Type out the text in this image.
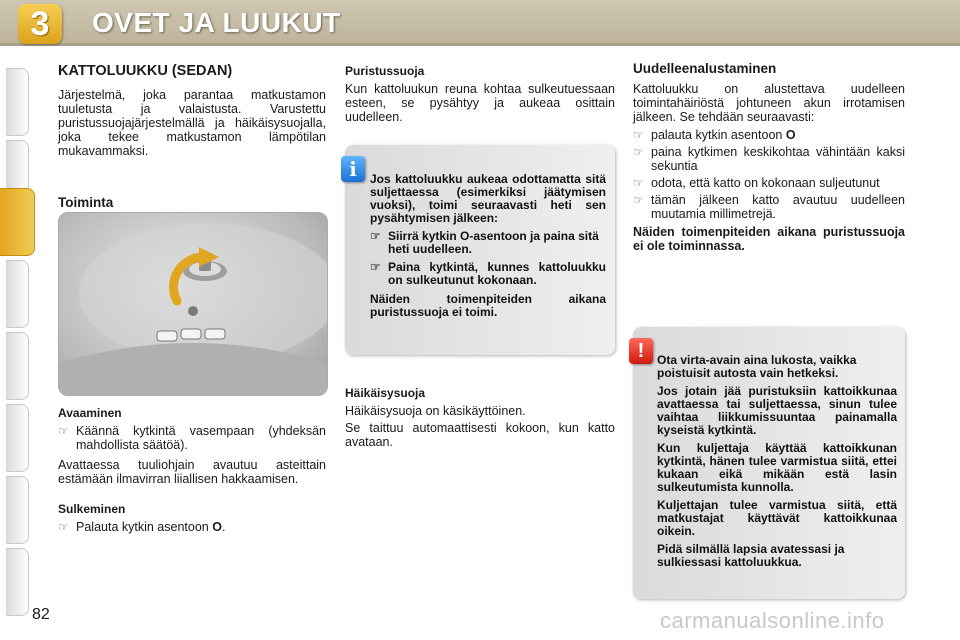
3	OVET JA LUUKUT
KATTOLUUKKU (SEDAN)

Järjestelmä, joka parantaa matkustamon tuuletusta ja valaistusta. Varustettu puristussuojajärjestelmällä ja häikäisysuojalla, joka tekee matkustamon lämpötilan mukavammaksi.

Toiminta
Avaaminen
☞ Käännä kytkintä vasempaan (yhdeksän mahdollista säätöä).

Avattaessa tuuliohjain avautuu asteittain estämään ilmavirran liiallisen hakkaamisen.

Sulkeminen
☞ Palauta kytkin asentoon O.
Puristussuoja

Kun kattoluukun reuna kohtaa sulkeutuessaan esteen, se pysähtyy ja aukeaa osittain uudelleen.

i	Jos kattoluukku aukeaa odottamatta sitä suljettaessa (esimerkiksi jäätymisen vuoksi), toimi seuraavasti heti sen pysähtymisen jälkeen:

☞ Siirrä kytkin O-asentoon ja paina sitä heti uudelleen.
☞ Paina kytkintä, kunnes kattoluukku on sulkeutunut kokonaan.

Näiden toimenpiteiden aikana puristussuoja ei toimi.

Häikäisysuoja

Häikäisysuoja on käsikäyttöinen.

Se taittuu automaattisesti kokoon, kun katto avataan.

Uudelleenalustaminen

Kattoluukku on alustettava uudelleen toimintahäiriöstä johtuneen akun irrotamisen jälkeen. Se tehdään seuraavasti:

☞ palauta kytkin asentoon O
☞ paina kytkimen keskikohtaa vähintään kaksi sekuntia
☞ odota, että katto on kokonaan suljeutunut
☞ tämän jälkeen katto avautuu uudelleen muutamia millimetrejä.

Näiden toimenpiteiden aikana puristussuoja ei ole toiminnassa.

!	Ota virta-avain aina lukosta, vaikka poistuisit autosta vain hetkeksi.

Jos jotain jää puristuksiin kattoikkunaa avattaessa tai suljettaessa, sinun tulee vaihtaa liikkumissuuntaa painamalla kyseistä kytkintä.

Kun kuljettaja käyttää kattoikkunan kytkintä, hänen tulee varmistua siitä, ettei kukaan eikä mikään estä lasin sulkeutumista kunnolla.

Kuljettajan tulee varmistua siitä, että matkustajat käyttävät kattoikkunaa oikein.

Pidä silmällä lapsia avatessasi ja sulkiessasi kattoluukkua.

82	carmanualsonline.info
